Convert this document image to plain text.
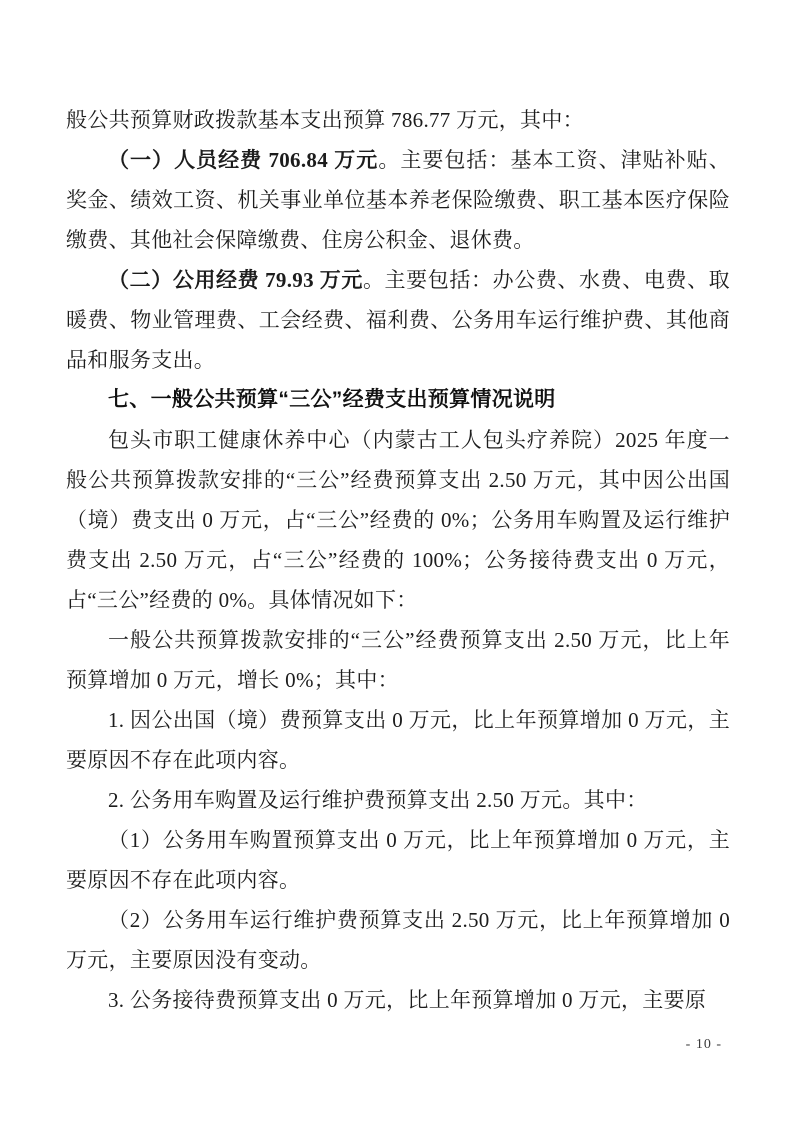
般公共预算财政拨款基本支出预算 786.77 万元，其中：

（一）人员经费 706.84 万元。主要包括：基本工资、津贴补贴、奖金、绩效工资、机关事业单位基本养老保险缴费、职工基本医疗保险缴费、其他社会保障缴费、住房公积金、退休费。

（二）公用经费 79.93 万元。主要包括：办公费、水费、电费、取暖费、物业管理费、工会经费、福利费、公务用车运行维护费、其他商品和服务支出。

七、一般公共预算“三公”经费支出预算情况说明

包头市职工健康休养中心（内蒙古工人包头疗养院）2025 年度一般公共预算拨款安排的“三公”经费预算支出 2.50 万元，其中因公出国（境）费支出 0 万元，占“三公”经费的 0%；公务用车购置及运行维护费支出 2.50 万元，占“三公”经费的 100%；公务接待费支出 0 万元，占“三公”经费的 0%。具体情况如下：

一般公共预算拨款安排的“三公”经费预算支出 2.50 万元，比上年预算增加 0 万元，增长 0%；其中：

1. 因公出国（境）费预算支出 0 万元，比上年预算增加 0 万元，主要原因不存在此项内容。

2. 公务用车购置及运行维护费预算支出 2.50 万元。其中：

（1）公务用车购置预算支出 0 万元，比上年预算增加 0 万元，主要原因不存在此项内容。

（2）公务用车运行维护费预算支出 2.50 万元，比上年预算增加 0 万元，主要原因没有变动。

3. 公务接待费预算支出 0 万元，比上年预算增加 0 万元，主要原

- 10 -
